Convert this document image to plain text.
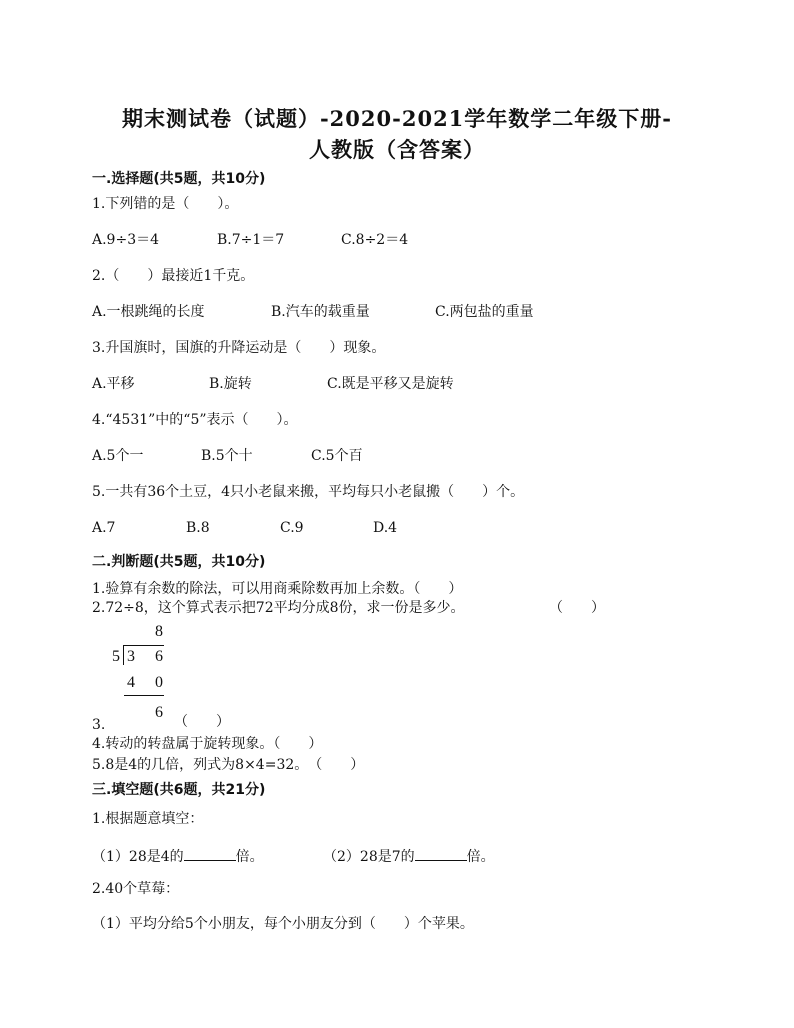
期末测试卷（试题）-2020-2021学年数学二年级下册-
人教版（含答案）
一.选择题(共5题，共10分)
1.下列错的是（　　）。
A.9÷3＝4	B.7÷1＝7	C.8÷2＝4
2.（　　）最接近1千克。
A.一根跳绳的长度	B.汽车的载重量	C.两包盐的重量
3.升国旗时，国旗的升降运动是（　　）现象。
A.平移	B.旋转	C.既是平移又是旋转
4.“4531”中的“5”表示（　　）。
A.5个一	B.5个十	C.5个百
5.一共有36个土豆，4只小老鼠来搬，平均每只小老鼠搬（　　）个。
A.7	B.8	C.9	D.4
二.判断题(共5题，共10分)
1.验算有余数的除法，可以用商乘除数再加上余数。（　　）
2.72÷8，这个算式表示把72平均分成8份，求一份是多少。	（　　）
8
5 3 6
4 0
6
3.	（　　）
4.转动的转盘属于旋转现象。（　　）
5.8是4的几倍，列式为8×4=32。　（　　）
三.填空题(共6题，共21分)
1.根据题意填空：
（1）28是4的	倍。	（2）28是7的	倍。
2.40个草莓：
（1）平均分给5个小朋友，每个小朋友分到（　　）个苹果。
